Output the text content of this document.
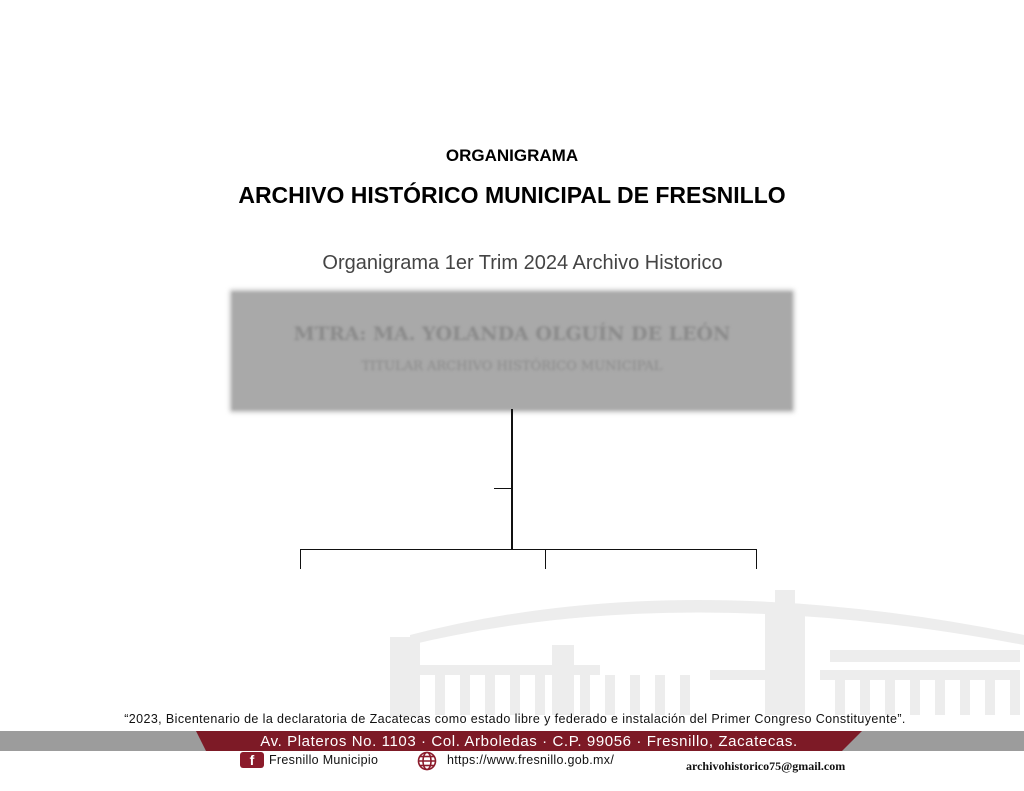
ORGANIGRAMA
ARCHIVO HISTÓRICO MUNICIPAL DE FRESNILLO
Organigrama 1er Trim 2024 Archivo Historico
MTRA: MA. YOLANDA OLGUÍN DE LEÓN
TITULAR ARCHIVO HISTÓRICO MUNICIPAL
“2023, Bicentenario de la declaratoria de Zacatecas como estado libre y federado e instalación del Primer Congreso Constituyente”.
Av. Plateros No. 1103 · Col. Arboledas · C.P. 99056 · Fresnillo, Zacatecas.
f	Fresnillo Municipio	https://www.fresnillo.gob.mx/	archivohistorico75@gmail.com
